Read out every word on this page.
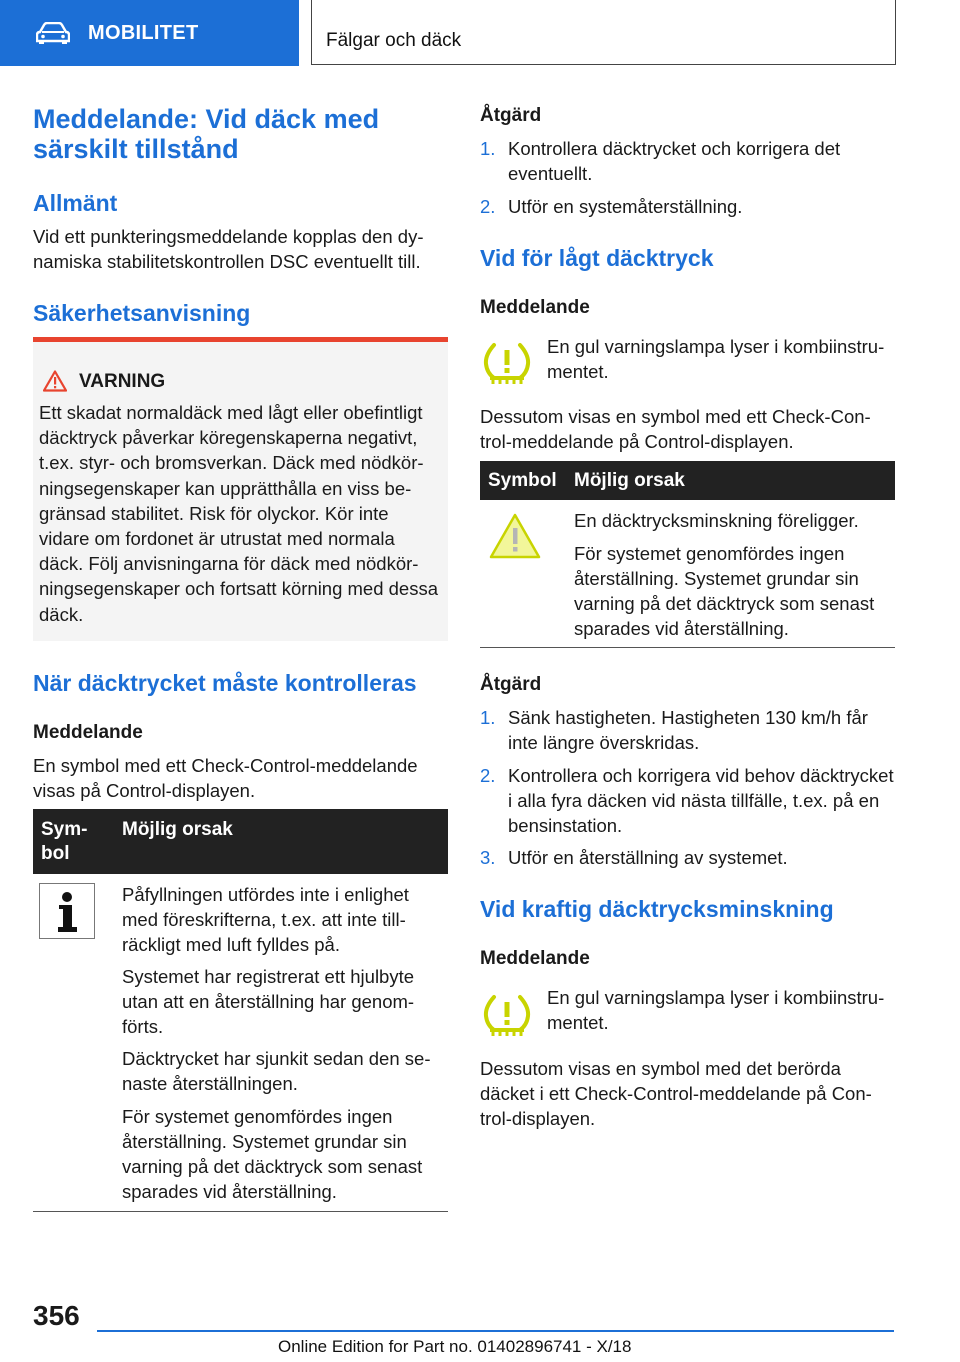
MOBILITET	Fälgar och däck
Meddelande: Vid däck med
särskilt tillstånd
Allmänt
Vid ett punkteringsmeddelande kopplas den dynamiska stabilitetskontrollen DSC eventuellt till.
Säkerhetsanvisning
VARNING
Ett skadat normaldäck med lågt eller obefintligt däcktryck påverkar köregenskaperna negativt, t.ex. styr- och bromsverkan. Däck med nödkörningsegenskaper kan upprätthålla en viss begränsad stabilitet. Risk för olyckor. Kör inte vidare om fordonet är utrustat med normala däck. Följ anvisningarna för däck med nödkörningsegenskaper och fortsatt körning med dessa däck.
När däcktrycket måste kontrolleras
Meddelande
En symbol med ett Check-Control-meddelande visas på Control-displayen.
Sym-
bol
Möjlig orsak
Påfyllningen utfördes inte i enlighet med föreskrifterna, t.ex. att inte tillräckligt med luft fylldes på.
Systemet har registrerat ett hjulbyte utan att en återställning har genomförts.
Däcktrycket har sjunkit sedan den senaste återställningen.
För systemet genomfördes ingen återställning. Systemet grundar sin varning på det däcktryck som senast sparades vid återställning.
Åtgärd
1. Kontrollera däcktrycket och korrigera det eventuellt.
2. Utför en systemåterställning.
Vid för lågt däcktryck
Meddelande
En gul varningslampa lyser i kombiinstrumentet.
Dessutom visas en symbol med ett Check-Control-meddelande på Control-displayen.
Symbol Möjlig orsak
En däcktrycksminskning föreligger.
För systemet genomfördes ingen återställning. Systemet grundar sin varning på det däcktryck som senast sparades vid återställning.
Åtgärd
1. Sänk hastigheten. Hastigheten 130 km/h får inte längre överskridas.
2. Kontrollera och korrigera vid behov däcktrycket i alla fyra däcken vid nästa tillfälle, t.ex. på en bensinstation.
3. Utför en återställning av systemet.
Vid kraftig däcktrycksminskning
Meddelande
En gul varningslampa lyser i kombiinstrumentet.
Dessutom visas en symbol med det berörda däcket i ett Check-Control-meddelande på Control-displayen.
356
Online Edition for Part no. 01402896741 - X/18
